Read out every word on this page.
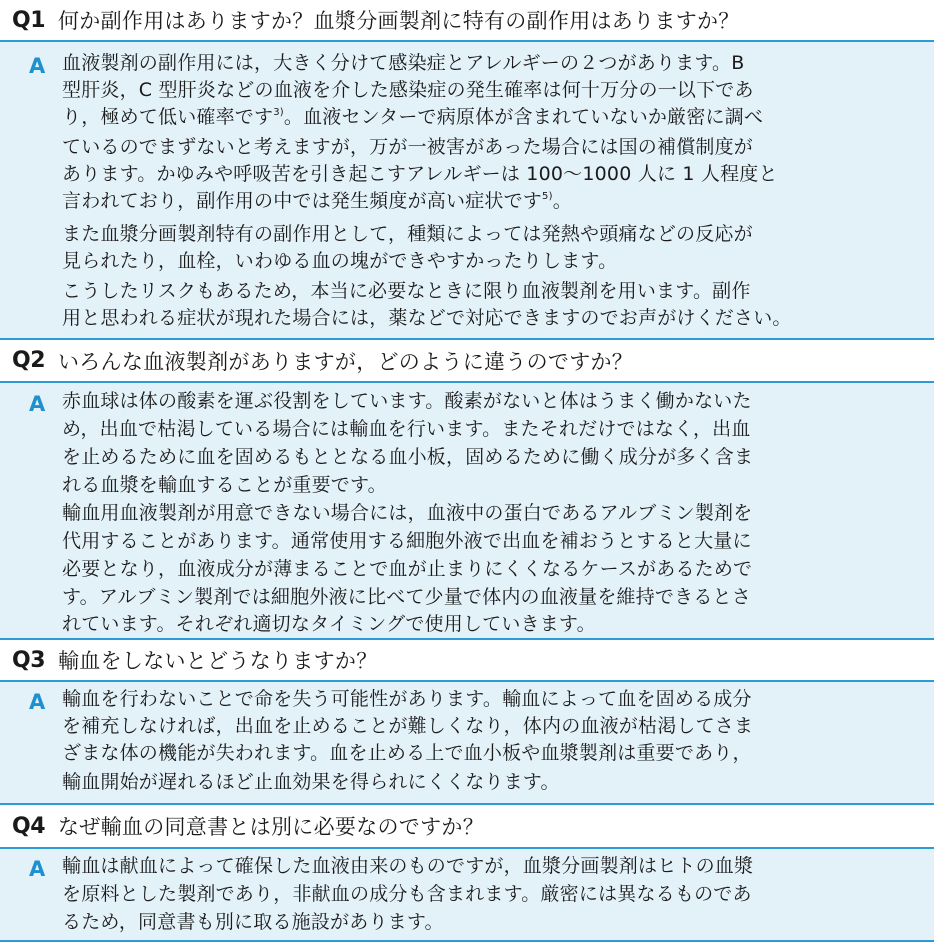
Q1 何か副作用はありますか？血漿分画製剤に特有の副作用はありますか？
A 血液製剤の副作用には，大きく分けて感染症とアレルギーの２つがあります。B
型肝炎，C 型肝炎などの血液を介した感染症の発生確率は何十万分の一以下であ
り，極めて低い確率です$^{3)}$。血液センターで病原体が含まれていないか厳密に調べ
ているのでまずないと考えますが，万が一被害があった場合には国の補償制度が
あります。かゆみや呼吸苦を引き起こすアレルギーは 100〜1000 人に 1 人程度と
言われており，副作用の中では発生頻度が高い症状です$^{5)}$。
また血漿分画製剤特有の副作用として，種類によっては発熱や頭痛などの反応が
見られたり，血栓，いわゆる血の塊ができやすかったりします。
こうしたリスクもあるため，本当に必要なときに限り血液製剤を用います。副作
用と思われる症状が現れた場合には，薬などで対応できますのでお声がけください。
Q2 いろんな血液製剤がありますが，どのように違うのですか？
A 赤血球は体の酸素を運ぶ役割をしています。酸素がないと体はうまく働かないた
め，出血で枯渇している場合には輸血を行います。またそれだけではなく，出血
を止めるために血を固めるもととなる血小板，固めるために働く成分が多く含ま
れる血漿を輸血することが重要です。
輸血用血液製剤が用意できない場合には，血液中の蛋白であるアルブミン製剤を
代用することがあります。通常使用する細胞外液で出血を補おうとすると大量に
必要となり，血液成分が薄まることで血が止まりにくくなるケースがあるためで
す。アルブミン製剤では細胞外液に比べて少量で体内の血液量を維持できるとさ
れています。それぞれ適切なタイミングで使用していきます。
Q3 輸血をしないとどうなりますか？
A 輸血を行わないことで命を失う可能性があります。輸血によって血を固める成分
を補充しなければ，出血を止めることが難しくなり，体内の血液が枯渇してさま
ざまな体の機能が失われます。血を止める上で血小板や血漿製剤は重要であり，
輸血開始が遅れるほど止血効果を得られにくくなります。
Q4 なぜ輸血の同意書とは別に必要なのですか？
A 輸血は献血によって確保した血液由来のものですが，血漿分画製剤はヒトの血漿
を原料とした製剤であり，非献血の成分も含まれます。厳密には異なるものであ
るため，同意書も別に取る施設があります。
